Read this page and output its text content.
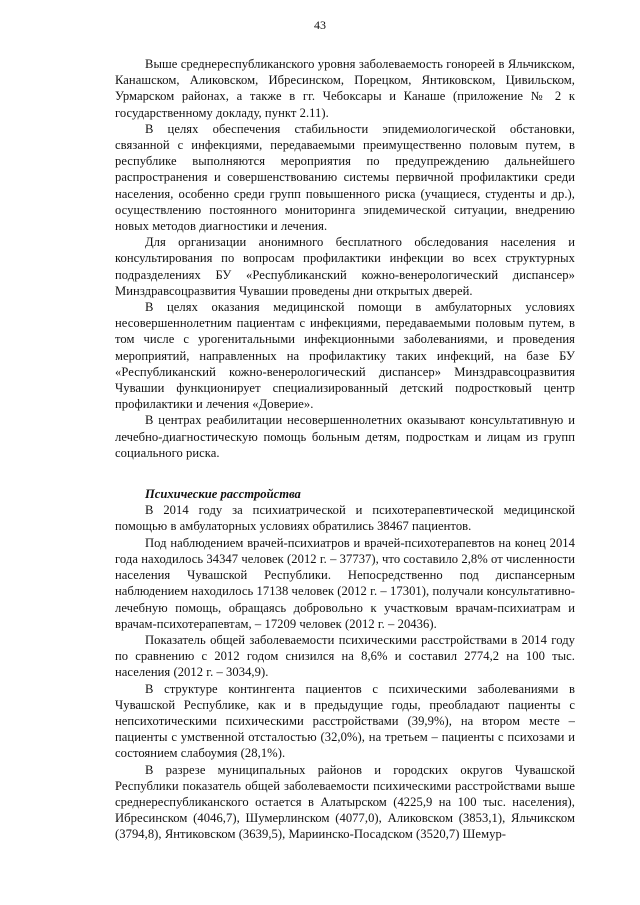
43

Выше среднереспубликанского уровня заболеваемость гонореей в Яльчикском, Канашском, Аликовском, Ибресинском, Порецком, Янтиковском, Цивильском, Урмарском районах, а также в гг. Чебоксары и Канаше (приложение № 2 к государственному докладу, пункт 2.11).

В целях обеспечения стабильности эпидемиологической обстановки, связанной с инфекциями, передаваемыми преимущественно половым путем, в республике выполняются мероприятия по предупреждению дальнейшего распространения и совершенствованию системы первичной профилактики среди населения, особенно среди групп повышенного риска (учащиеся, студенты и др.), осуществлению постоянного мониторинга эпидемической ситуации, внедрению новых методов диагностики и лечения.

Для организации анонимного бесплатного обследования населения и консультирования по вопросам профилактики инфекции во всех структурных подразделениях БУ «Республиканский кожно-венерологический диспансер» Минздравсоцразвития Чувашии проведены дни открытых дверей.

В целях оказания медицинской помощи в амбулаторных условиях несовершеннолетним пациентам с инфекциями, передаваемыми половым путем, в том числе с урогенитальными инфекционными заболеваниями, и проведения мероприятий, направленных на профилактику таких инфекций, на базе БУ «Республиканский кожно-венерологический диспансер» Минздравсоцразвития Чувашии функционирует специализированный детский подростковый центр профилактики и лечения «Доверие».

В центрах реабилитации несовершеннолетних оказывают консультативную и лечебно-диагностическую помощь больным детям, подросткам и лицам из групп социального риска.

Психические расстройства

В 2014 году за психиатрической и психотерапевтической медицинской помощью в амбулаторных условиях обратились 38467 пациентов.

Под наблюдением врачей-психиатров и врачей-психотерапевтов на конец 2014 года находилось 34347 человек (2012 г. – 37737), что составило 2,8% от численности населения Чувашской Республики. Непосредственно под диспансерным наблюдением находилось 17138 человек (2012 г. – 17301), получали консультативно-лечебную помощь, обращаясь добровольно к участковым врачам-психиатрам и врачам-психотерапевтам, – 17209 человек (2012 г. – 20436).

Показатель общей заболеваемости психическими расстройствами в 2014 году по сравнению с 2012 годом снизился на 8,6% и составил 2774,2 на 100 тыс. населения (2012 г. – 3034,9).

В структуре контингента пациентов с психическими заболеваниями в Чувашской Республике, как и в предыдущие годы, преобладают пациенты с непсихотическими психическими расстройствами (39,9%), на втором месте – пациенты с умственной отсталостью (32,0%), на третьем – пациенты с психозами и состоянием слабоумия (28,1%).

В разрезе муниципальных районов и городских округов Чувашской Республики показатель общей заболеваемости психическими расстройствами выше среднереспубликанского остается в Алатырском (4225,9 на 100 тыс. населения), Ибресинском (4046,7), Шумерлинском (4077,0), Аликовском (3853,1), Яльчикском (3794,8), Янтиковском (3639,5), Мариинско-Посадском (3520,7) Шемур-
